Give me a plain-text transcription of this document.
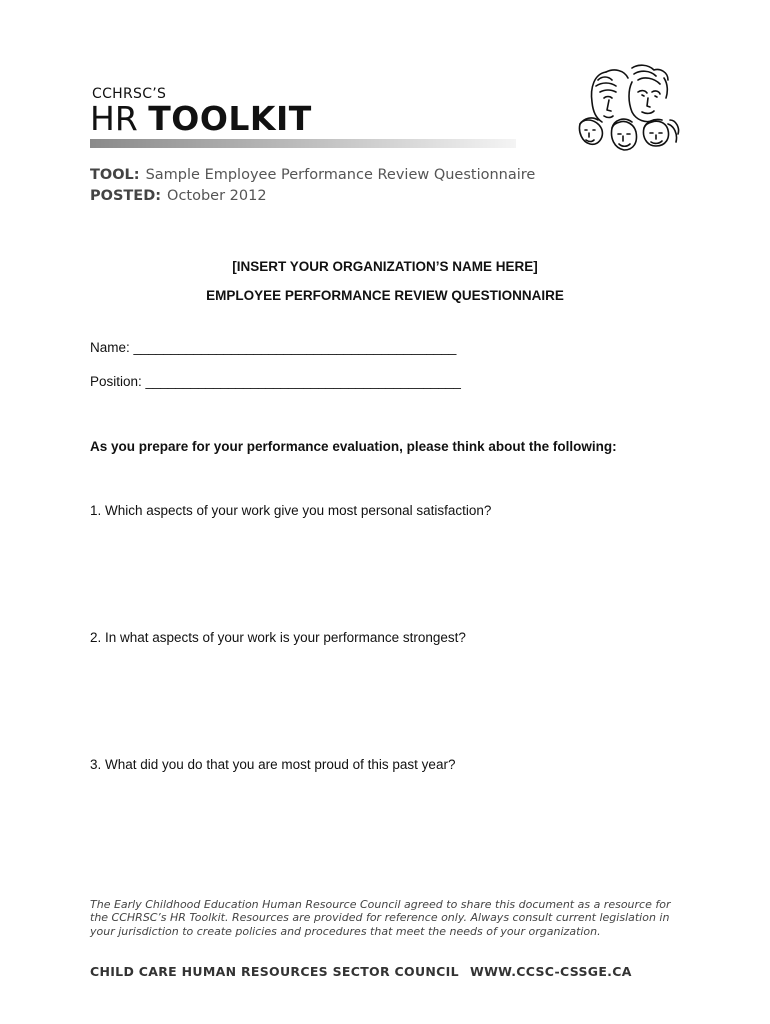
CCHRSC’S
HR TOOLKIT
TOOL: Sample Employee Performance Review Questionnaire
POSTED: October 2012
[INSERT YOUR ORGANIZATION’S NAME HERE]
EMPLOYEE PERFORMANCE REVIEW QUESTIONNAIRE
Name: ___________________________________________
Position: __________________________________________
As you prepare for your performance evaluation, please think about the following:
1. Which aspects of your work give you most personal satisfaction?
2. In what aspects of your work is your performance strongest?
3. What did you do that you are most proud of this past year?
The Early Childhood Education Human Resource Council agreed to share this document as a resource for the CCHRSC’s HR Toolkit. Resources are provided for reference only. Always consult current legislation in your jurisdiction to create policies and procedures that meet the needs of your organization.
CHILD CARE HUMAN RESOURCES SECTOR COUNCIL WWW.CCSC-CSSGE.CA
